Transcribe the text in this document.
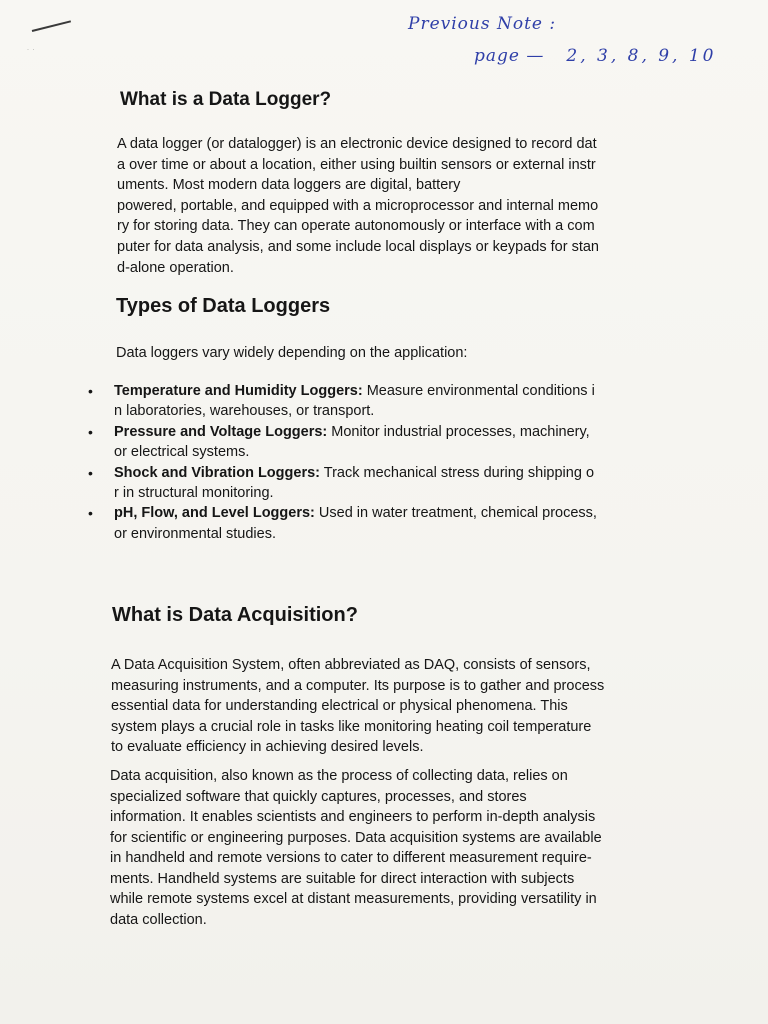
· ·
Previous Note :
page — 2, 3, 8, 9, 10
What is a Data Logger?
A data logger (or datalogger) is an electronic device designed to record dat
a over time or about a location, either using builtin sensors or external instr
uments. Most modern data loggers are digital, battery
powered, portable, and equipped with a microprocessor and internal memo
ry for storing data. They can operate autonomously or interface with a com
puter for data analysis, and some include local displays or keypads for stan
d-alone operation.
Types of Data Loggers
Data loggers vary widely depending on the application:
• Temperature and Humidity Loggers: Measure environmental conditions i
n laboratories, warehouses, or transport.
• Pressure and Voltage Loggers: Monitor industrial processes, machinery,
or electrical systems.
• Shock and Vibration Loggers: Track mechanical stress during shipping o
r in structural monitoring.
• pH, Flow, and Level Loggers: Used in water treatment, chemical process,
or environmental studies.
What is Data Acquisition?
A Data Acquisition System, often abbreviated as DAQ, consists of sensors,
measuring instruments, and a computer. Its purpose is to gather and process
essential data for understanding electrical or physical phenomena. This
system plays a crucial role in tasks like monitoring heating coil temperature
to evaluate efficiency in achieving desired levels.
Data acquisition, also known as the process of collecting data, relies on
specialized software that quickly captures, processes, and stores
information. It enables scientists and engineers to perform in-depth analysis
for scientific or engineering purposes. Data acquisition systems are available
in handheld and remote versions to cater to different measurement require-
ments. Handheld systems are suitable for direct interaction with subjects
while remote systems excel at distant measurements, providing versatility in
data collection.
